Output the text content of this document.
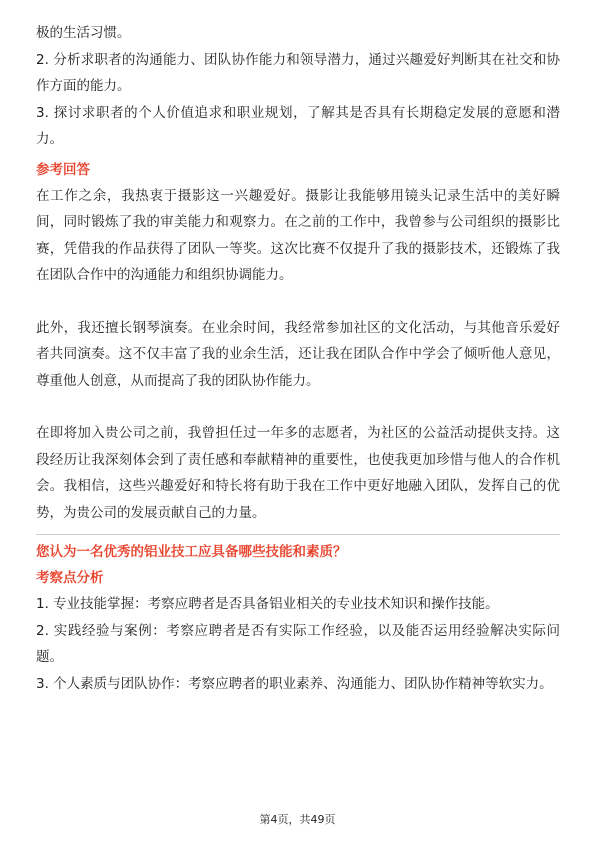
极的生活习惯。

2. 分析求职者的沟通能力、团队协作能力和领导潜力，通过兴趣爱好判断其在社交和协作方面的能力。

3. 探讨求职者的个人价值追求和职业规划，了解其是否具有长期稳定发展的意愿和潜力。

参考回答

在工作之余，我热衷于摄影这一兴趣爱好。摄影让我能够用镜头记录生活中的美好瞬间，同时锻炼了我的审美能力和观察力。在之前的工作中，我曾参与公司组织的摄影比赛，凭借我的作品获得了团队一等奖。这次比赛不仅提升了我的摄影技术，还锻炼了我在团队合作中的沟通能力和组织协调能力。

此外，我还擅长钢琴演奏。在业余时间，我经常参加社区的文化活动，与其他音乐爱好者共同演奏。这不仅丰富了我的业余生活，还让我在团队合作中学会了倾听他人意见，尊重他人创意，从而提高了我的团队协作能力。

在即将加入贵公司之前，我曾担任过一年多的志愿者，为社区的公益活动提供支持。这段经历让我深刻体会到了责任感和奉献精神的重要性，也使我更加珍惜与他人的合作机会。我相信，这些兴趣爱好和特长将有助于我在工作中更好地融入团队，发挥自己的优势，为贵公司的发展贡献自己的力量。

您认为一名优秀的铝业技工应具备哪些技能和素质？

考察点分析

1. 专业技能掌握：考察应聘者是否具备铝业相关的专业技术知识和操作技能。

2. 实践经验与案例：考察应聘者是否有实际工作经验，以及能否运用经验解决实际问题。

3. 个人素质与团队协作：考察应聘者的职业素养、沟通能力、团队协作精神等软实力。

第4页，共49页
